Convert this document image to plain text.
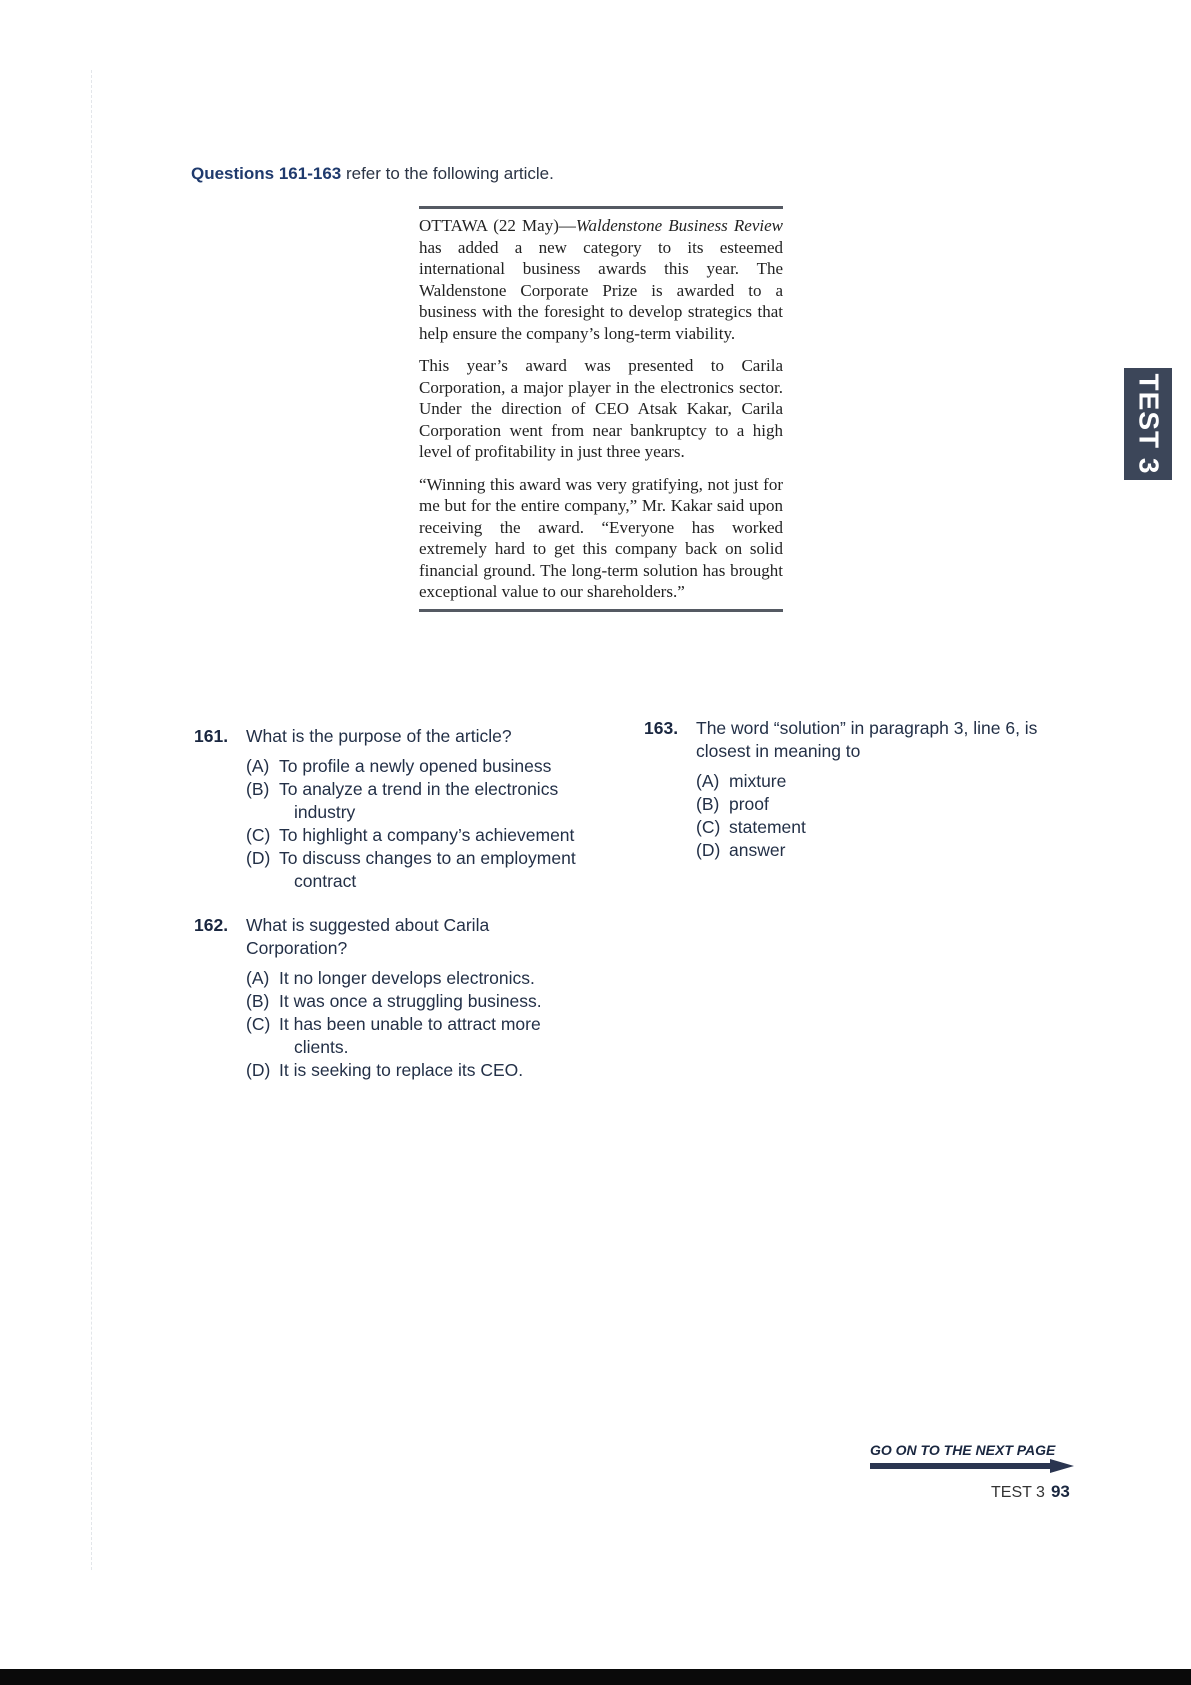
Questions 161-163 refer to the following article.

OTTAWA (22 May)—Waldenstone Business Review has added a new category to its esteemed international business awards this year. The Waldenstone Corporate Prize is awarded to a business with the foresight to develop strategics that help ensure the company’s long-term viability.

This year’s award was presented to Carila Corporation, a major player in the electronics sector. Under the direction of CEO Atsak Kakar, Carila Corporation went from near bankruptcy to a high level of profitability in just three years.

“Winning this award was very gratifying, not just for me but for the entire company,” Mr. Kakar said upon receiving the award. “Everyone has worked extremely hard to get this company back on solid financial ground. The long-term solution has brought exceptional value to our shareholders.”

TEST 3
161. What is the purpose of the article?
(A) To profile a newly opened business
(B) To analyze a trend in the electronics industry
(C) To highlight a company’s achievement
(D) To discuss changes to an employment contract
162. What is suggested about Carila Corporation?
(A) It no longer develops electronics.
(B) It was once a struggling business.
(C) It has been unable to attract more clients.
(D) It is seeking to replace its CEO.
163. The word “solution” in paragraph 3, line 6, is closest in meaning to
(A) mixture
(B) proof
(C) statement
(D) answer
GO ON TO THE NEXT PAGE
TEST 3 93
